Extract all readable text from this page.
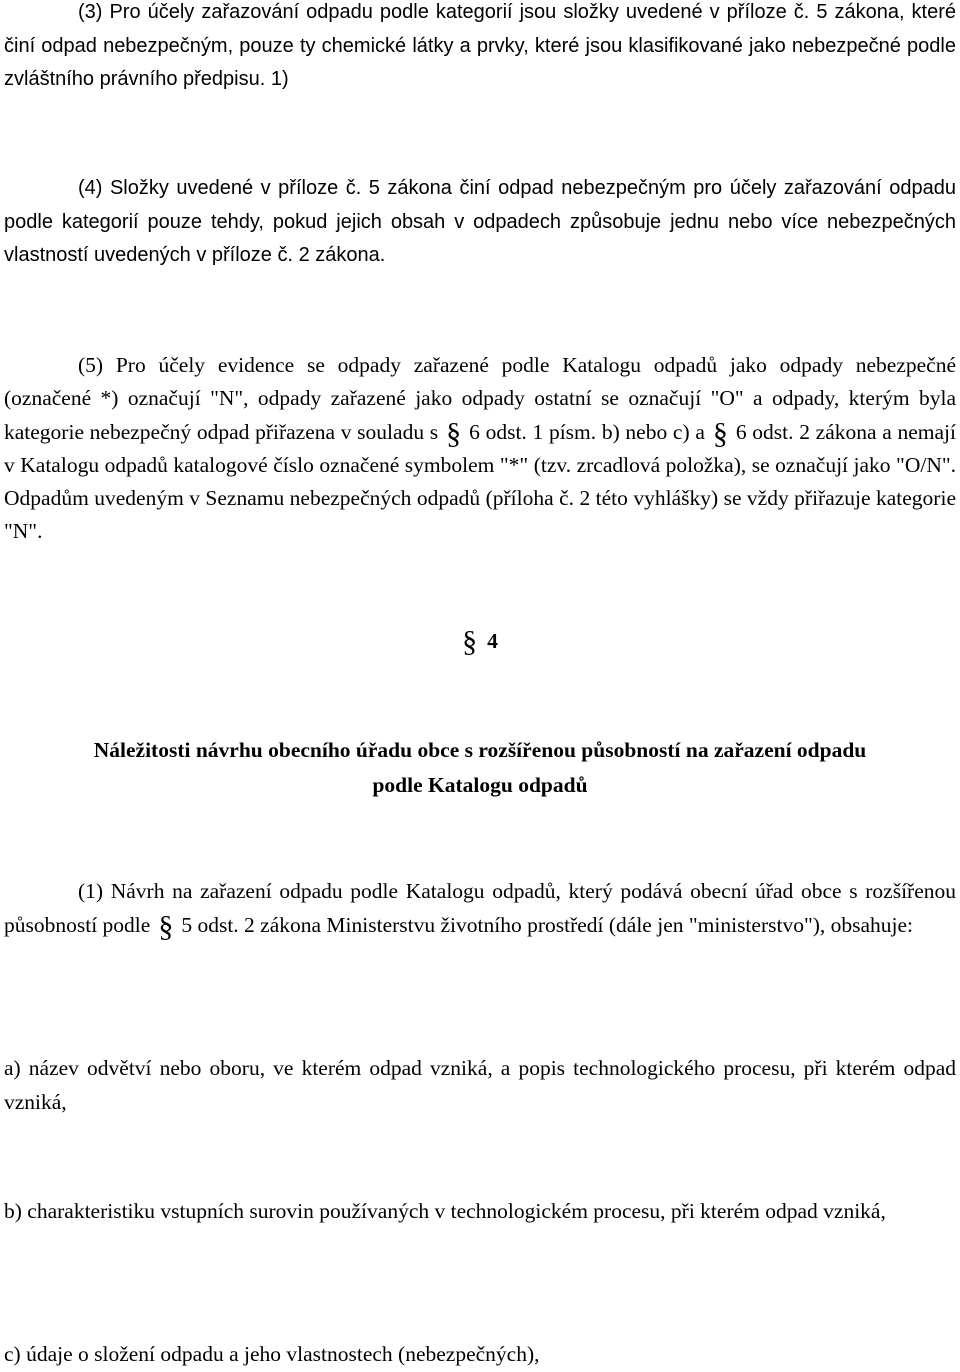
(3) Pro účely zařazování odpadu podle kategorií jsou složky uvedené v příloze č. 5 zákona, které činí odpad nebezpečným, pouze ty chemické látky a prvky, které jsou klasifikované jako nebezpečné podle zvláštního právního předpisu. 1)

(4) Složky uvedené v příloze č. 5 zákona činí odpad nebezpečným pro účely zařazování odpadu podle kategorií pouze tehdy, pokud jejich obsah v odpadech způsobuje jednu nebo více nebezpečných vlastností uvedených v příloze č. 2 zákona.

(5) Pro účely evidence se odpady zařazené podle Katalogu odpadů jako odpady nebezpečné (označené *) označují "N", odpady zařazené jako odpady ostatní se označují "O" a odpady, kterým byla kategorie nebezpečný odpad přiřazena v souladu s § 6 odst. 1 písm. b) nebo c) a § 6 odst. 2 zákona a nemají v Katalogu odpadů katalogové číslo označené symbolem "*" (tzv. zrcadlová položka), se označují jako "O/N". Odpadům uvedeným v Seznamu nebezpečných odpadů (příloha č. 2 této vyhlášky) se vždy přiřazuje kategorie "N".

§ 4
Náležitosti návrhu obecního úřadu obce s rozšířenou působností na zařazení odpadu
podle Katalogu odpadů

(1) Návrh na zařazení odpadu podle Katalogu odpadů, který podává obecní úřad obce s rozšířenou působností podle § 5 odst. 2 zákona Ministerstvu životního prostředí (dále jen "ministerstvo"), obsahuje:

a) název odvětví nebo oboru, ve kterém odpad vzniká, a popis technologického procesu, při kterém odpad vzniká,

b) charakteristiku vstupních surovin používaných v technologickém procesu, při kterém odpad vzniká,

c) údaje o složení odpadu a jeho vlastnostech (nebezpečných),
